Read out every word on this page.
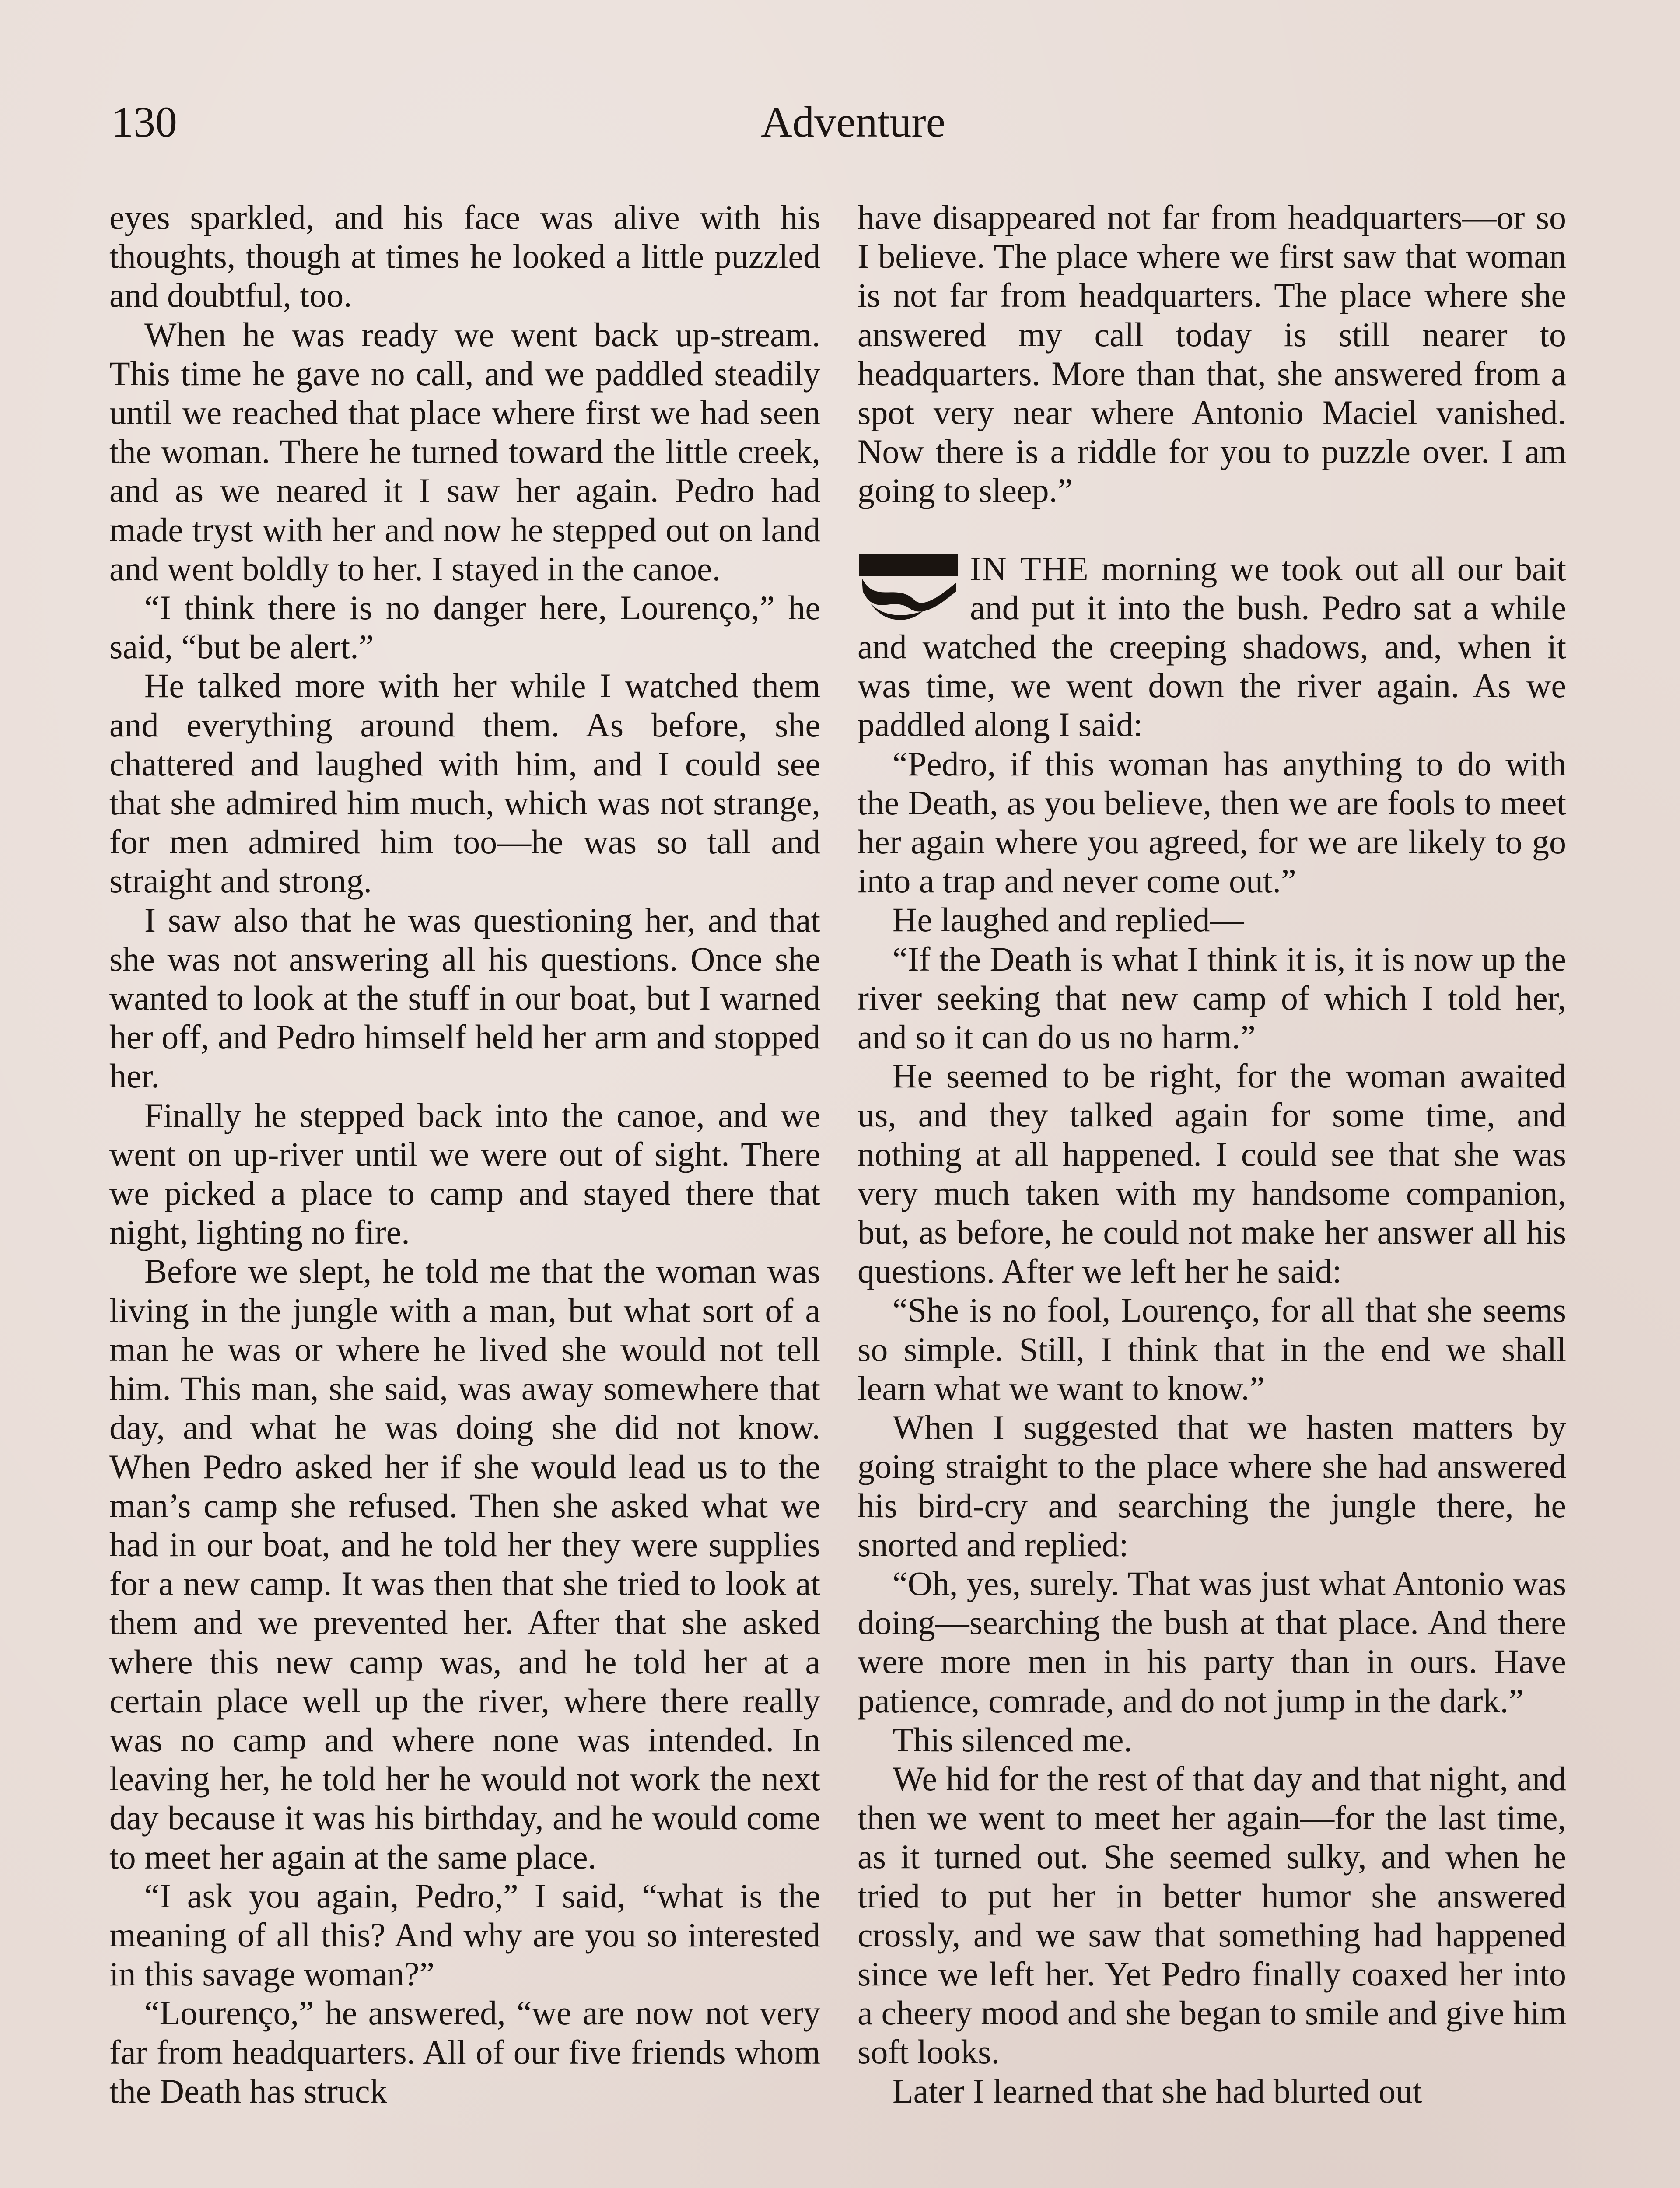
130	Adventure

eyes sparkled, and his face was alive with his thoughts, though at times he looked a little puzzled and doubtful, too.

When he was ready we went back up-stream. This time he gave no call, and we paddled steadily until we reached that place where first we had seen the woman. There he turned toward the little creek, and as we neared it I saw her again. Pedro had made tryst with her and now he stepped out on land and went boldly to her. I stayed in the canoe.

“I think there is no danger here, Lourenço,” he said, “but be alert.”

He talked more with her while I watched them and everything around them. As before, she chattered and laughed with him, and I could see that she admired him much, which was not strange, for men admired him too—he was so tall and straight and strong.

I saw also that he was questioning her, and that she was not answering all his questions. Once she wanted to look at the stuff in our boat, but I warned her off, and Pedro himself held her arm and stopped her.

Finally he stepped back into the canoe, and we went on up-river until we were out of sight. There we picked a place to camp and stayed there that night, lighting no fire.

Before we slept, he told me that the woman was living in the jungle with a man, but what sort of a man he was or where he lived she would not tell him. This man, she said, was away somewhere that day, and what he was doing she did not know. When Pedro asked her if she would lead us to the man’s camp she refused. Then she asked what we had in our boat, and he told her they were supplies for a new camp. It was then that she tried to look at them and we prevented her. After that she asked where this new camp was, and he told her at a certain place well up the river, where there really was no camp and where none was intended. In leaving her, he told her he would not work the next day because it was his birthday, and he would come to meet her again at the same place.

“I ask you again, Pedro,” I said, “what is the meaning of all this? And why are you so interested in this savage woman?”

“Lourenço,” he answered, “we are now not very far from headquarters. All of our five friends whom the Death has struck

have disappeared not far from headquarters—or so I believe. The place where we first saw that woman is not far from headquarters. The place where she answered my call today is still nearer to headquarters. More than that, she answered from a spot very near where Antonio Maciel vanished. Now there is a riddle for you to puzzle over. I am going to sleep.”

IN THE morning we took out all our bait and put it into the bush. Pedro sat a while and watched the creeping shadows, and, when it was time, we went down the river again. As we paddled along I said:

“Pedro, if this woman has anything to do with the Death, as you believe, then we are fools to meet her again where you agreed, for we are likely to go into a trap and never come out.”

He laughed and replied—

“If the Death is what I think it is, it is now up the river seeking that new camp of which I told her, and so it can do us no harm.”

He seemed to be right, for the woman awaited us, and they talked again for some time, and nothing at all happened. I could see that she was very much taken with my handsome companion, but, as before, he could not make her answer all his questions. After we left her he said:

“She is no fool, Lourenço, for all that she seems so simple. Still, I think that in the end we shall learn what we want to know.”

When I suggested that we hasten matters by going straight to the place where she had answered his bird-cry and searching the jungle there, he snorted and replied:

“Oh, yes, surely. That was just what Antonio was doing—searching the bush at that place. And there were more men in his party than in ours. Have patience, comrade, and do not jump in the dark.”

This silenced me.

We hid for the rest of that day and that night, and then we went to meet her again—for the last time, as it turned out. She seemed sulky, and when he tried to put her in better humor she answered crossly, and we saw that something had happened since we left her. Yet Pedro finally coaxed her into a cheery mood and she began to smile and give him soft looks.

Later I learned that she had blurted out
